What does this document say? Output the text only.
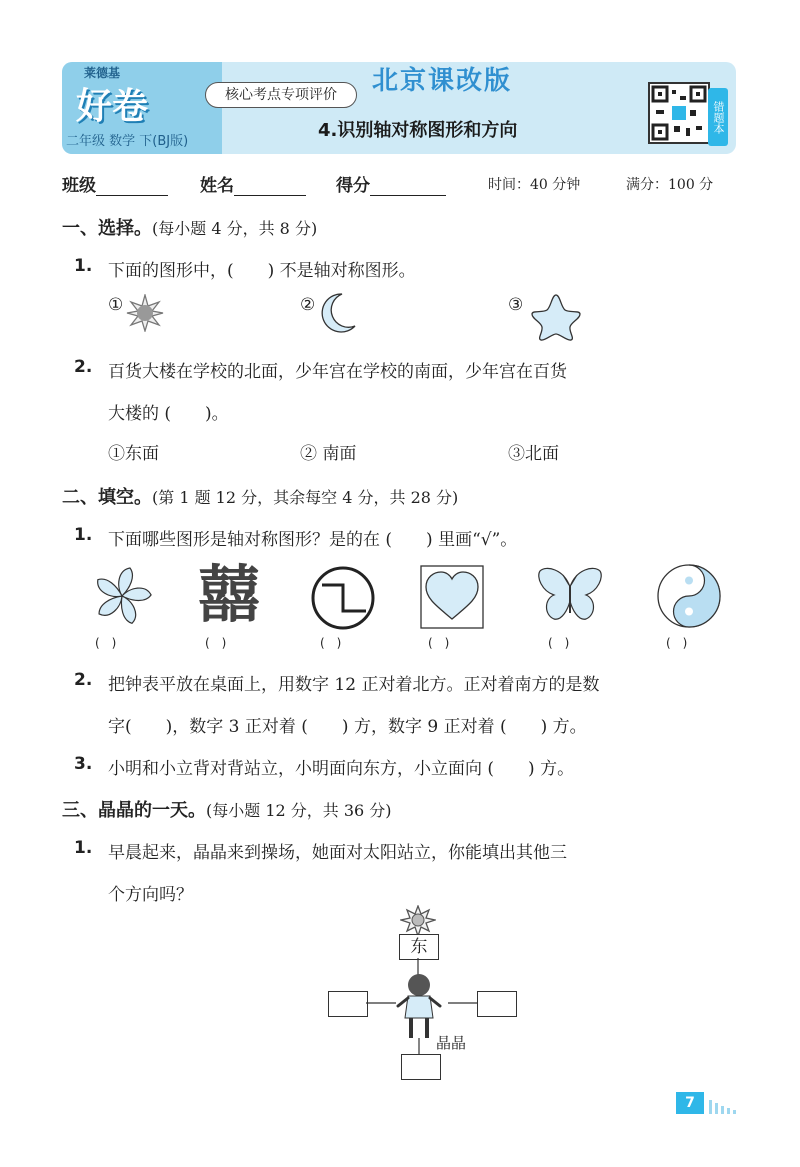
莱德基
好卷
二年级 数学 下(BJ版)
核心考点专项评价	北京课改版
4.识别轴对称图形和方向	错题本
班级	姓名	得分	时间：40 分钟	满分：100 分
一、选择。(每小题 4 分，共 8 分)
1. 下面的图形中，(　　) 不是轴对称图形。
①	②	③
2. 百货大楼在学校的北面，少年宫在学校的南面，少年宫在百货
大楼的 (　　)。
①东面	② 南面	③北面
二、填空。(第 1 题 12 分，其余每空 4 分，共 28 分)
1. 下面哪些图形是轴对称图形？是的在 (　　) 里画“√”。
囍
(　)	(　)	(　)	(　)	(　)	(　)
2. 把钟表平放在桌面上，用数字 12 正对着北方。正对着南方的是数
字(　　)，数字 3 正对着 (　　) 方，数字 9 正对着 (　　) 方。
3. 小明和小立背对背站立，小明面向东方，小立面向 (　　) 方。
三、晶晶的一天。(每小题 12 分，共 36 分)
1. 早晨起来，晶晶来到操场，她面对太阳站立，你能填出其他三
个方向吗？
东
晶晶
7
